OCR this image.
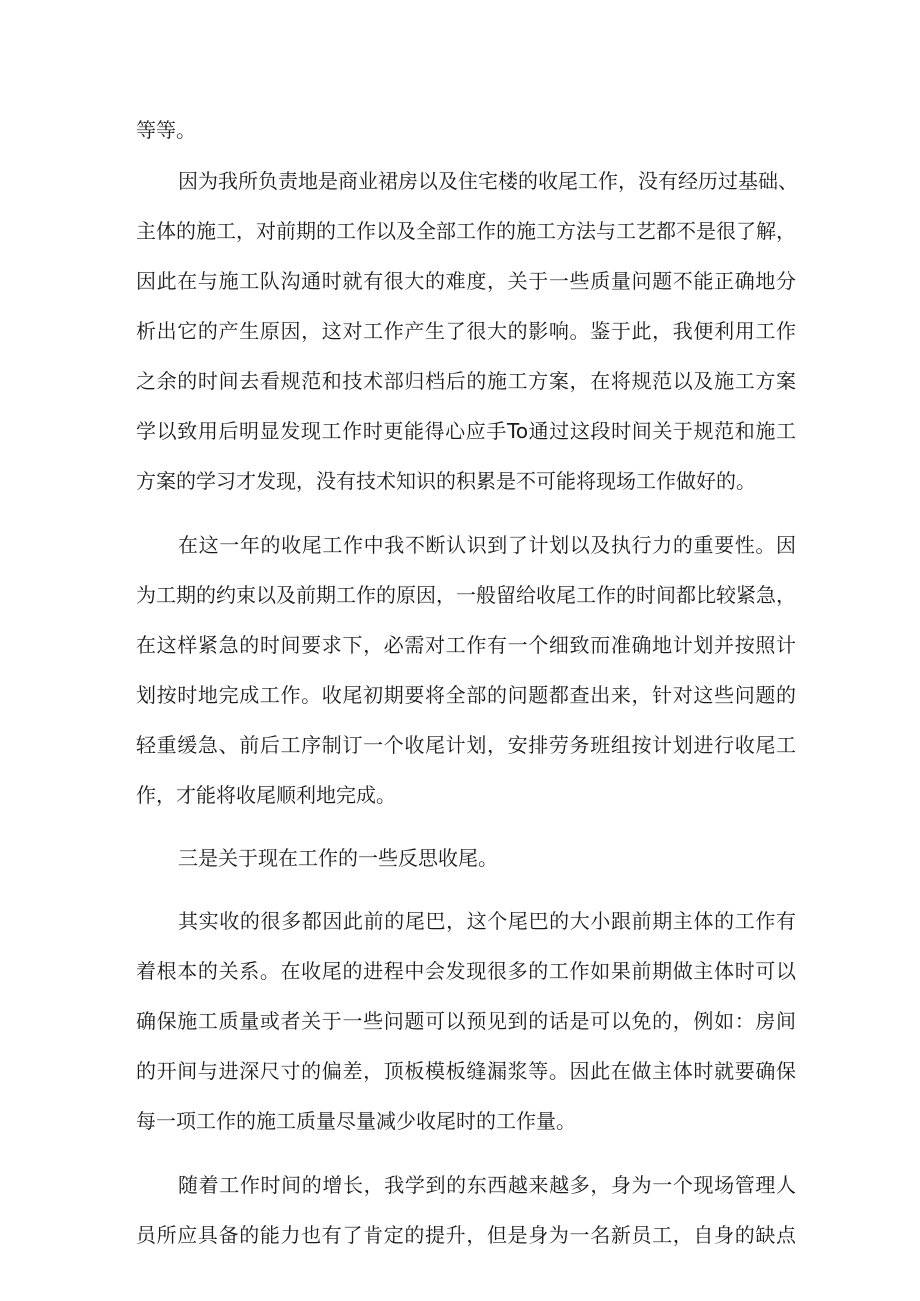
等等。
因为我所负责地是商业裙房以及住宅楼的收尾工作，没有经历过基础、
主体的施工，对前期的工作以及全部工作的施工方法与工艺都不是很了解，
因此在与施工队沟通时就有很大的难度，关于一些质量问题不能正确地分
析出它的产生原因，这对工作产生了很大的影响。鉴于此，我便利用工作
之余的时间去看规范和技术部归档后的施工方案，在将规范以及施工方案
学以致用后明显发现工作时更能得心应手To通过这段时间关于规范和施工
方案的学习才发现，没有技术知识的积累是不可能将现场工作做好的。
在这一年的收尾工作中我不断认识到了计划以及执行力的重要性。因
为工期的约束以及前期工作的原因，一般留给收尾工作的时间都比较紧急，
在这样紧急的时间要求下，必需对工作有一个细致而准确地计划并按照计
划按时地完成工作。收尾初期要将全部的问题都查出来，针对这些问题的
轻重缓急、前后工序制订一个收尾计划，安排劳务班组按计划进行收尾工
作，才能将收尾顺利地完成。
三是关于现在工作的一些反思收尾。
其实收的很多都因此前的尾巴，这个尾巴的大小跟前期主体的工作有
着根本的关系。在收尾的进程中会发现很多的工作如果前期做主体时可以
确保施工质量或者关于一些问题可以预见到的话是可以免的，例如：房间
的开间与进深尺寸的偏差，顶板模板缝漏浆等。因此在做主体时就要确保
每一项工作的施工质量尽量减少收尾时的工作量。
随着工作时间的增长，我学到的东西越来越多，身为一个现场管理人
员所应具备的能力也有了肯定的提升，但是身为一名新员工，自身的缺点
